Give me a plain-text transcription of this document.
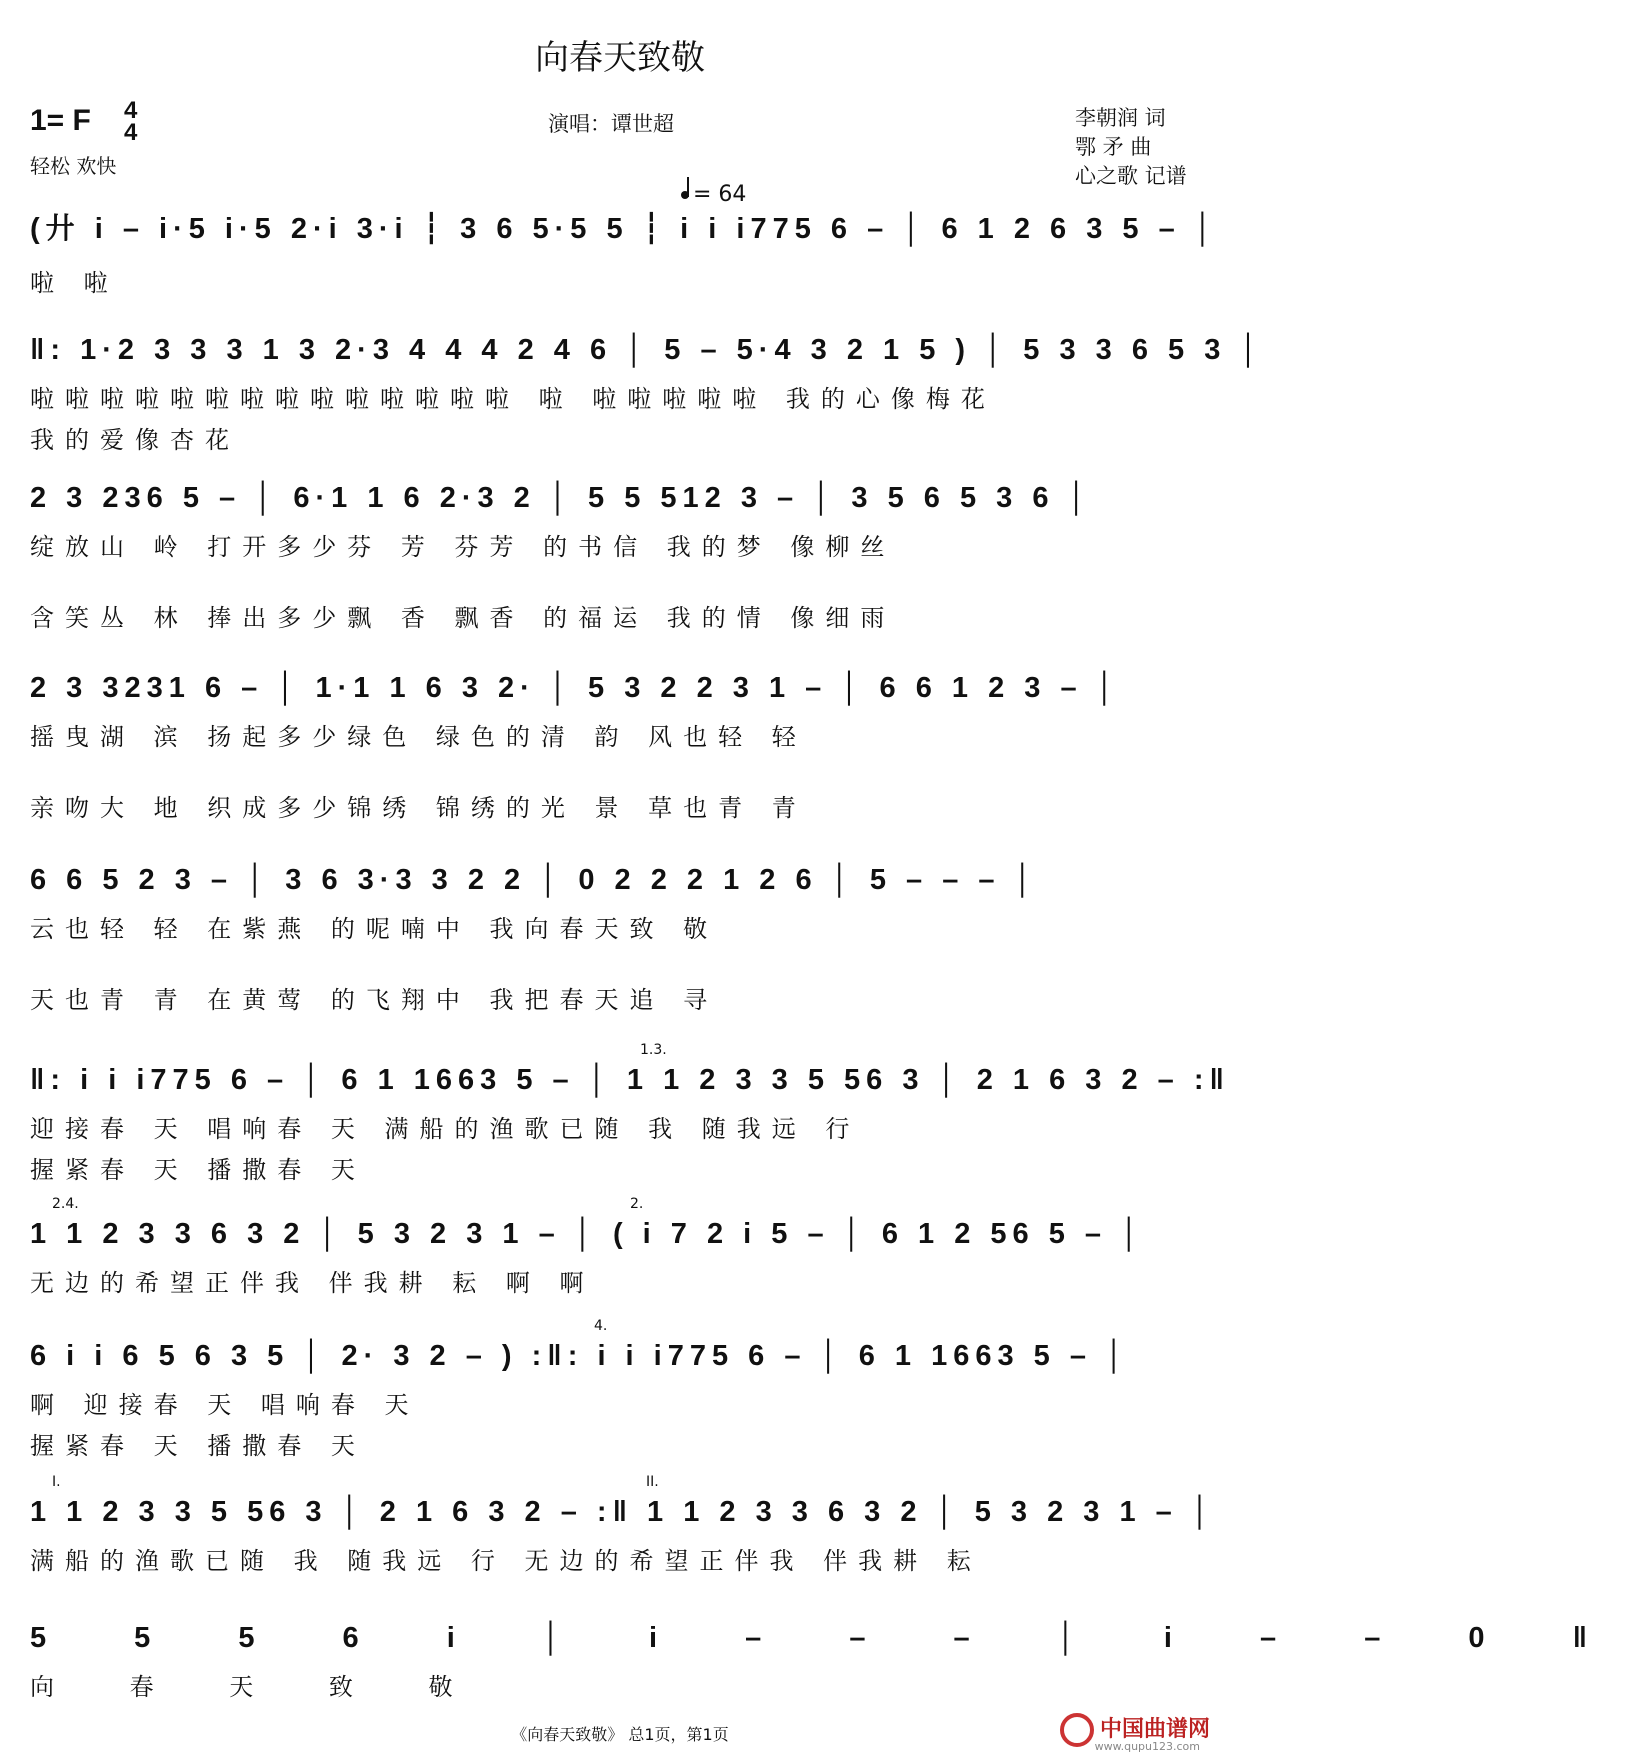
向春天致敬
1= F 4
4
轻松 欢快
演唱：谭世超	李朝润 词
鄂 矛 曲
心之歌 记谱
= 64
(廾 i – i·5 i·5 2·i 3·i ┆ 3 6 5·5 5 ┆ i i i775 6 – │ 6 1 2 6 3 5 – │
啦 啦
‖: 1·2 3 3 3 1 3 2·3 4 4 4 2 4 6 │ 5 – 5·4 3 2 1 5 ) │ 5 3 3 6 5 3 │
啦啦啦啦啦啦啦啦啦啦啦啦啦啦 啦 啦啦啦啦啦 我的心像梅花
我的爱像杏花
2 3 236 5 – │ 6·1 1 6 2·3 2 │ 5 5 512 3 – │ 3 5 6 5 3 6 │
绽放山 岭 打开多少芬 芳 芬芳 的书信 我的梦 像柳丝
含笑丛 林 捧出多少飘 香 飘香 的福运 我的情 像细雨
2 3 3231 6 – │ 1·1 1 6 3 2· │ 5 3 2 2 3 1 – │ 6 6 1 2 3 – │
摇曳湖 滨 扬起多少绿色 绿色的清 韵 风也轻 轻
亲吻大 地 织成多少锦绣 锦绣的光 景 草也青 青
6 6 5 2 3 – │ 3 6 3·3 3 2 2 │ 0 2 2 2 1 2 6 │ 5 – – – │
云也轻 轻 在紫燕 的呢喃中 我向春天致 敬
天也青 青 在黄莺 的飞翔中 我把春天追 寻
1.3.
‖: i i i775 6 – │ 6 1 1663 5 – │ 1 1 2 3 3 5 56 3 │ 2 1 6 3 2 – :‖
迎接春 天 唱响春 天 满船的渔歌已随 我 随我远 行
握紧春 天 播撒春 天
2.4.	2.
1 1 2 3 3 6 3 2 │ 5 3 2 3 1 – │ ( i 7 2 i 5 – │ 6 1 2 56 5 – │
无边的希望正伴我 伴我耕 耘 啊 啊
4.
6 i i 6 5 6 3 5 │ 2· 3 2 – ) :‖: i i i775 6 – │ 6 1 1663 5 – │
啊 迎接春 天 唱响春 天
握紧春 天 播撒春 天
I.	II.
1 1 2 3 3 5 56 3 │ 2 1 6 3 2 – :‖ 1 1 2 3 3 6 3 2 │ 5 3 2 3 1 – │
满船的渔歌已随 我 随我远 行 无边的希望正伴我 伴我耕 耘
5 5 5 6 i │ i – – – │ i – – 0 ‖
向 春 天 致 敬
《向春天致敬》 总1页，第1页	中国曲谱网
www.qupu123.com
